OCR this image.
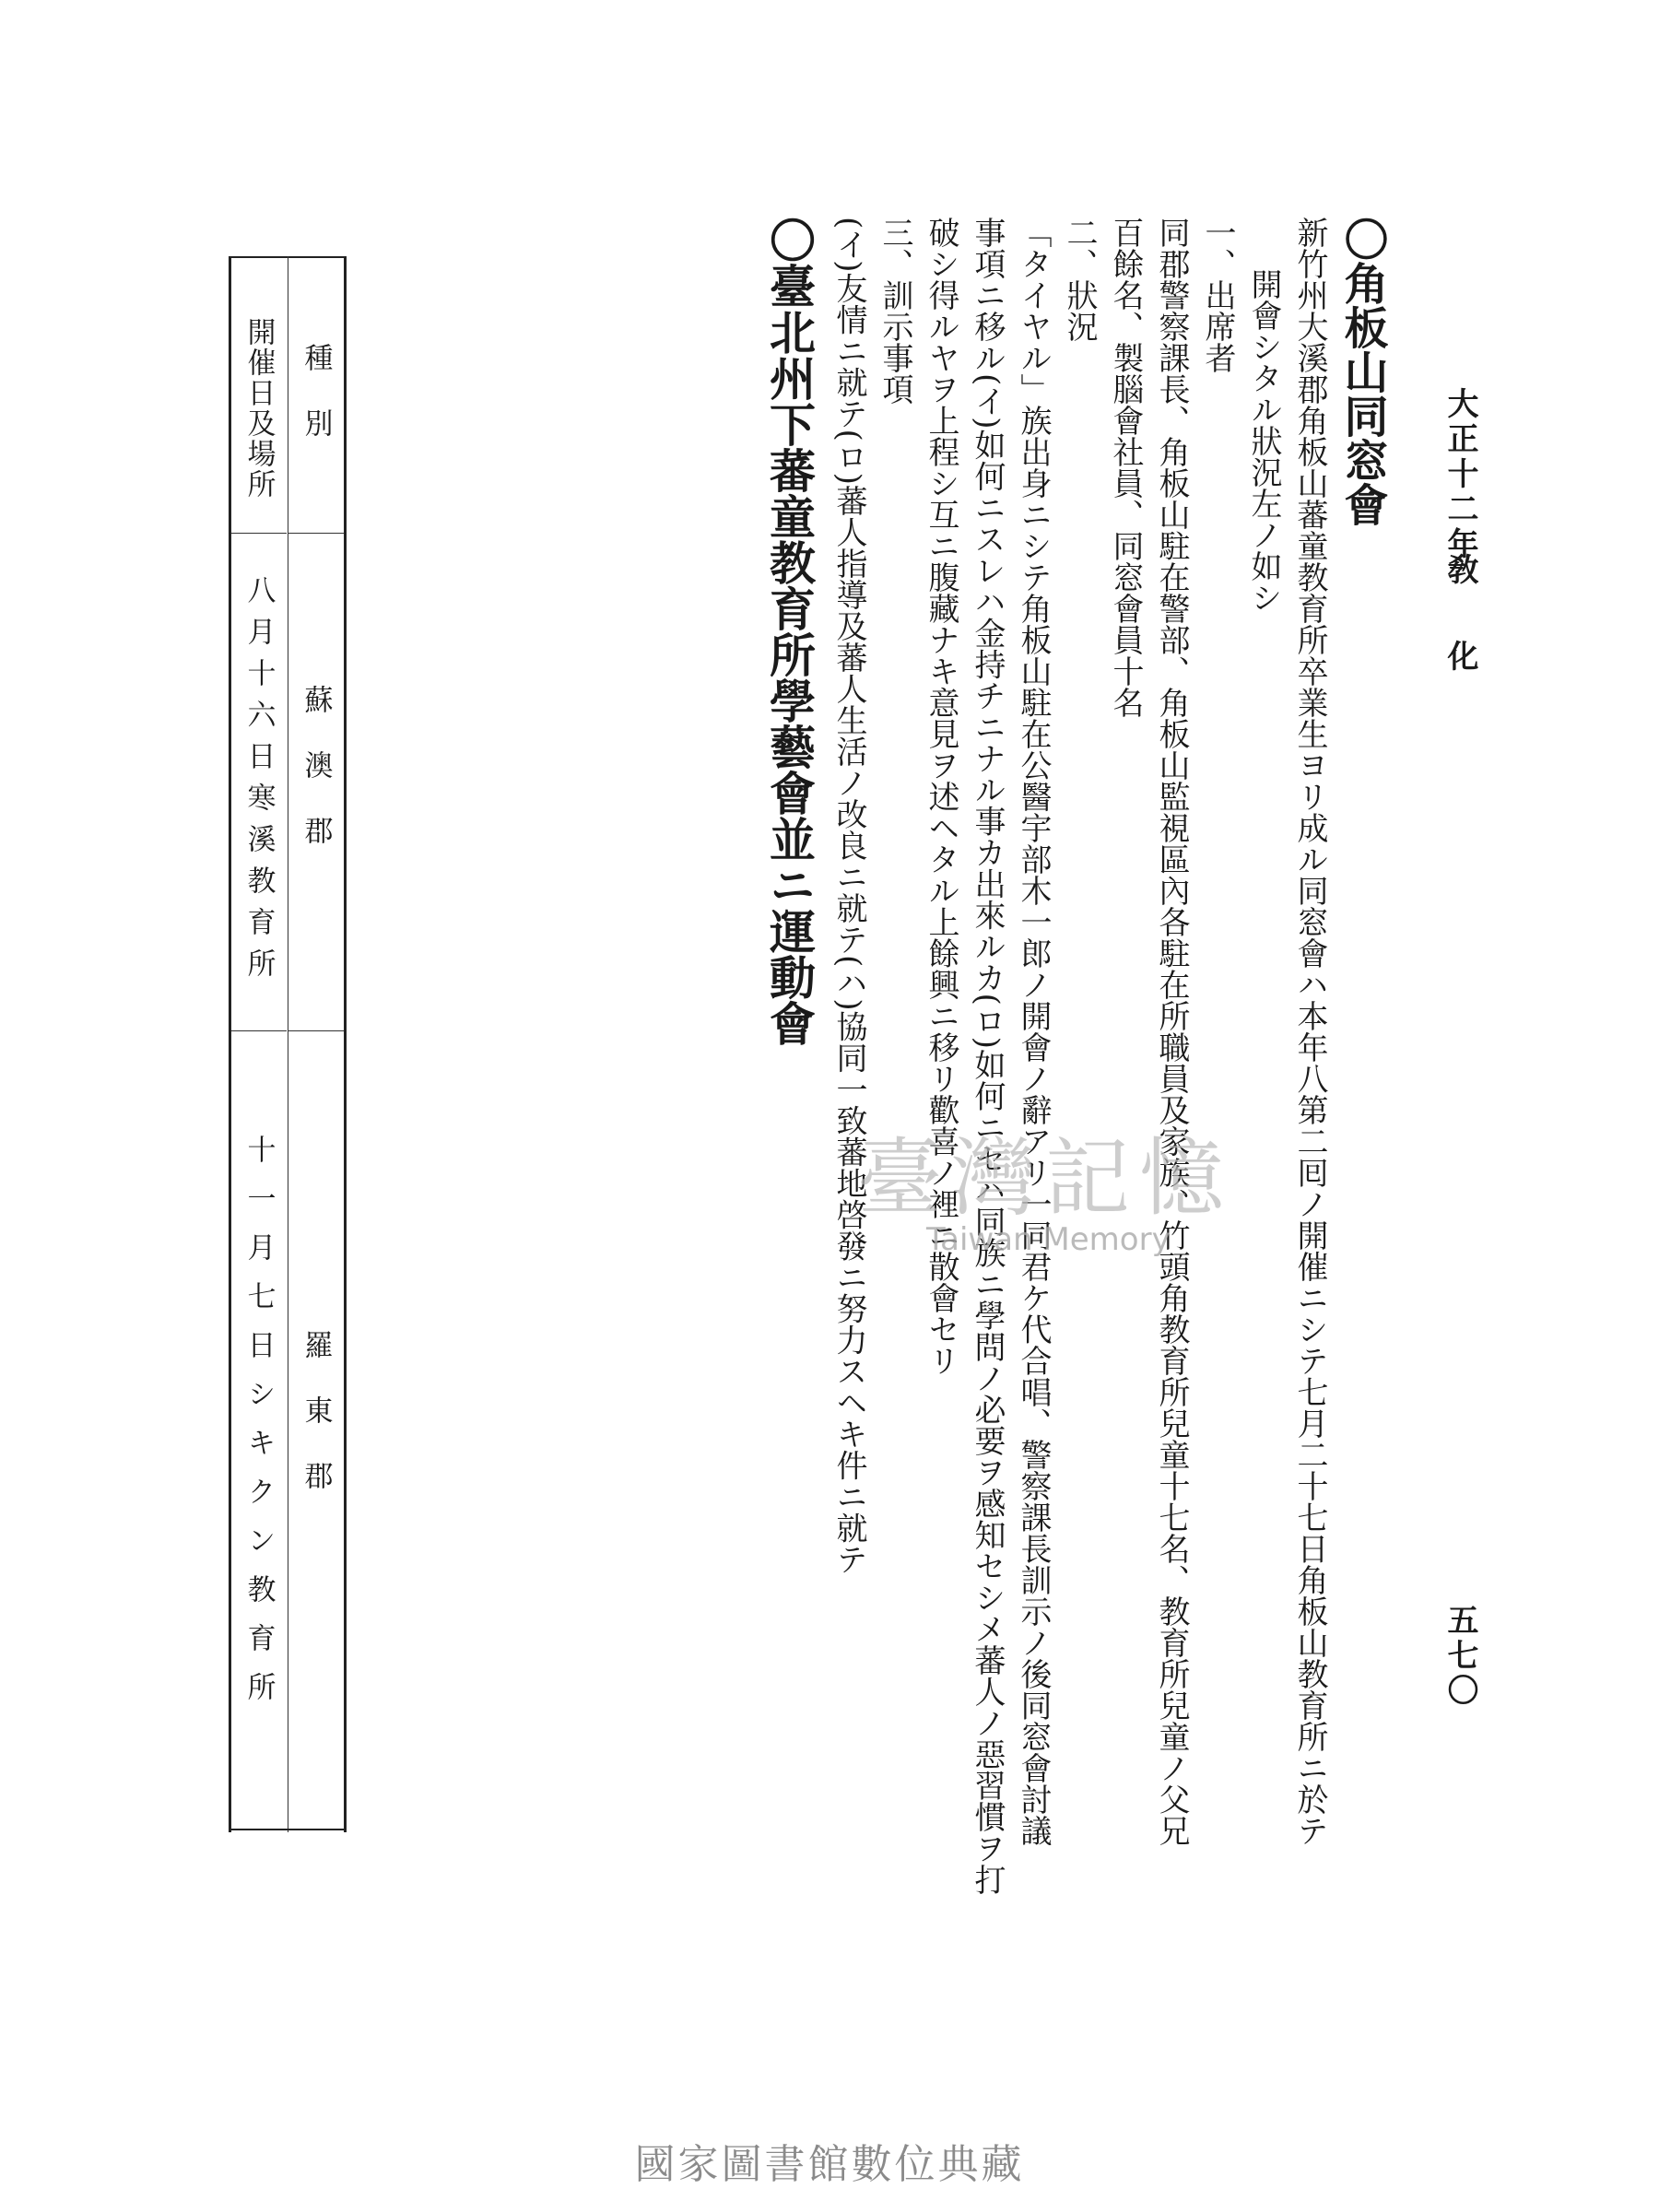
大正十二年
敎化
五七〇

〇角板山同窓會

新竹州大溪郡角板山蕃童教育所卒業生ヨリ成ル同窓會ハ本年八第二囘ノ開催ニシテ七月二十七日角板山教育所ニ於テ

開會シタル狀況左ノ如シ

一、出席者

同郡警察課長、角板山駐在警部、角板山監視區內各駐在所職員及家族、竹頭角教育所兒童十七名、教育所兒童ノ父兄

百餘名、製腦會社員、同窓會員十名

二、狀況

「タイヤル」族出身ニシテ角板山駐在公醫宇部木一郎ノ開會ノ辭アリ一同君ケ代合唱、警察課長訓示ノ後同窓會討議

事項ニ移ル(イ)如何ニスレハ金持チニナル事カ出來ルカ(ロ)如何ニセハ同族ニ學問ノ必要ヲ感知セシメ蕃人ノ惡習慣ヲ打

破シ得ルヤヲ上程シ互ニ腹藏ナキ意見ヲ述ヘタル上餘興ニ移リ歡喜ノ裡ニ散會セリ

三、訓示事項

(イ)友情ニ就テ(ロ)蕃人指導及蕃人生活ノ改良ニ就テ(ハ)協同一致蕃地啓發ニ努力スヘキ件ニ就テ

〇臺北州下蕃童教育所學藝會並ニ運動會

種別
蘇澳郡
羅東郡
開催日及場所
八月十六日寒溪教育所
十一月七日シキクン教育所	臺灣記憶
Taiwan Memory
國家圖書館數位典藏
